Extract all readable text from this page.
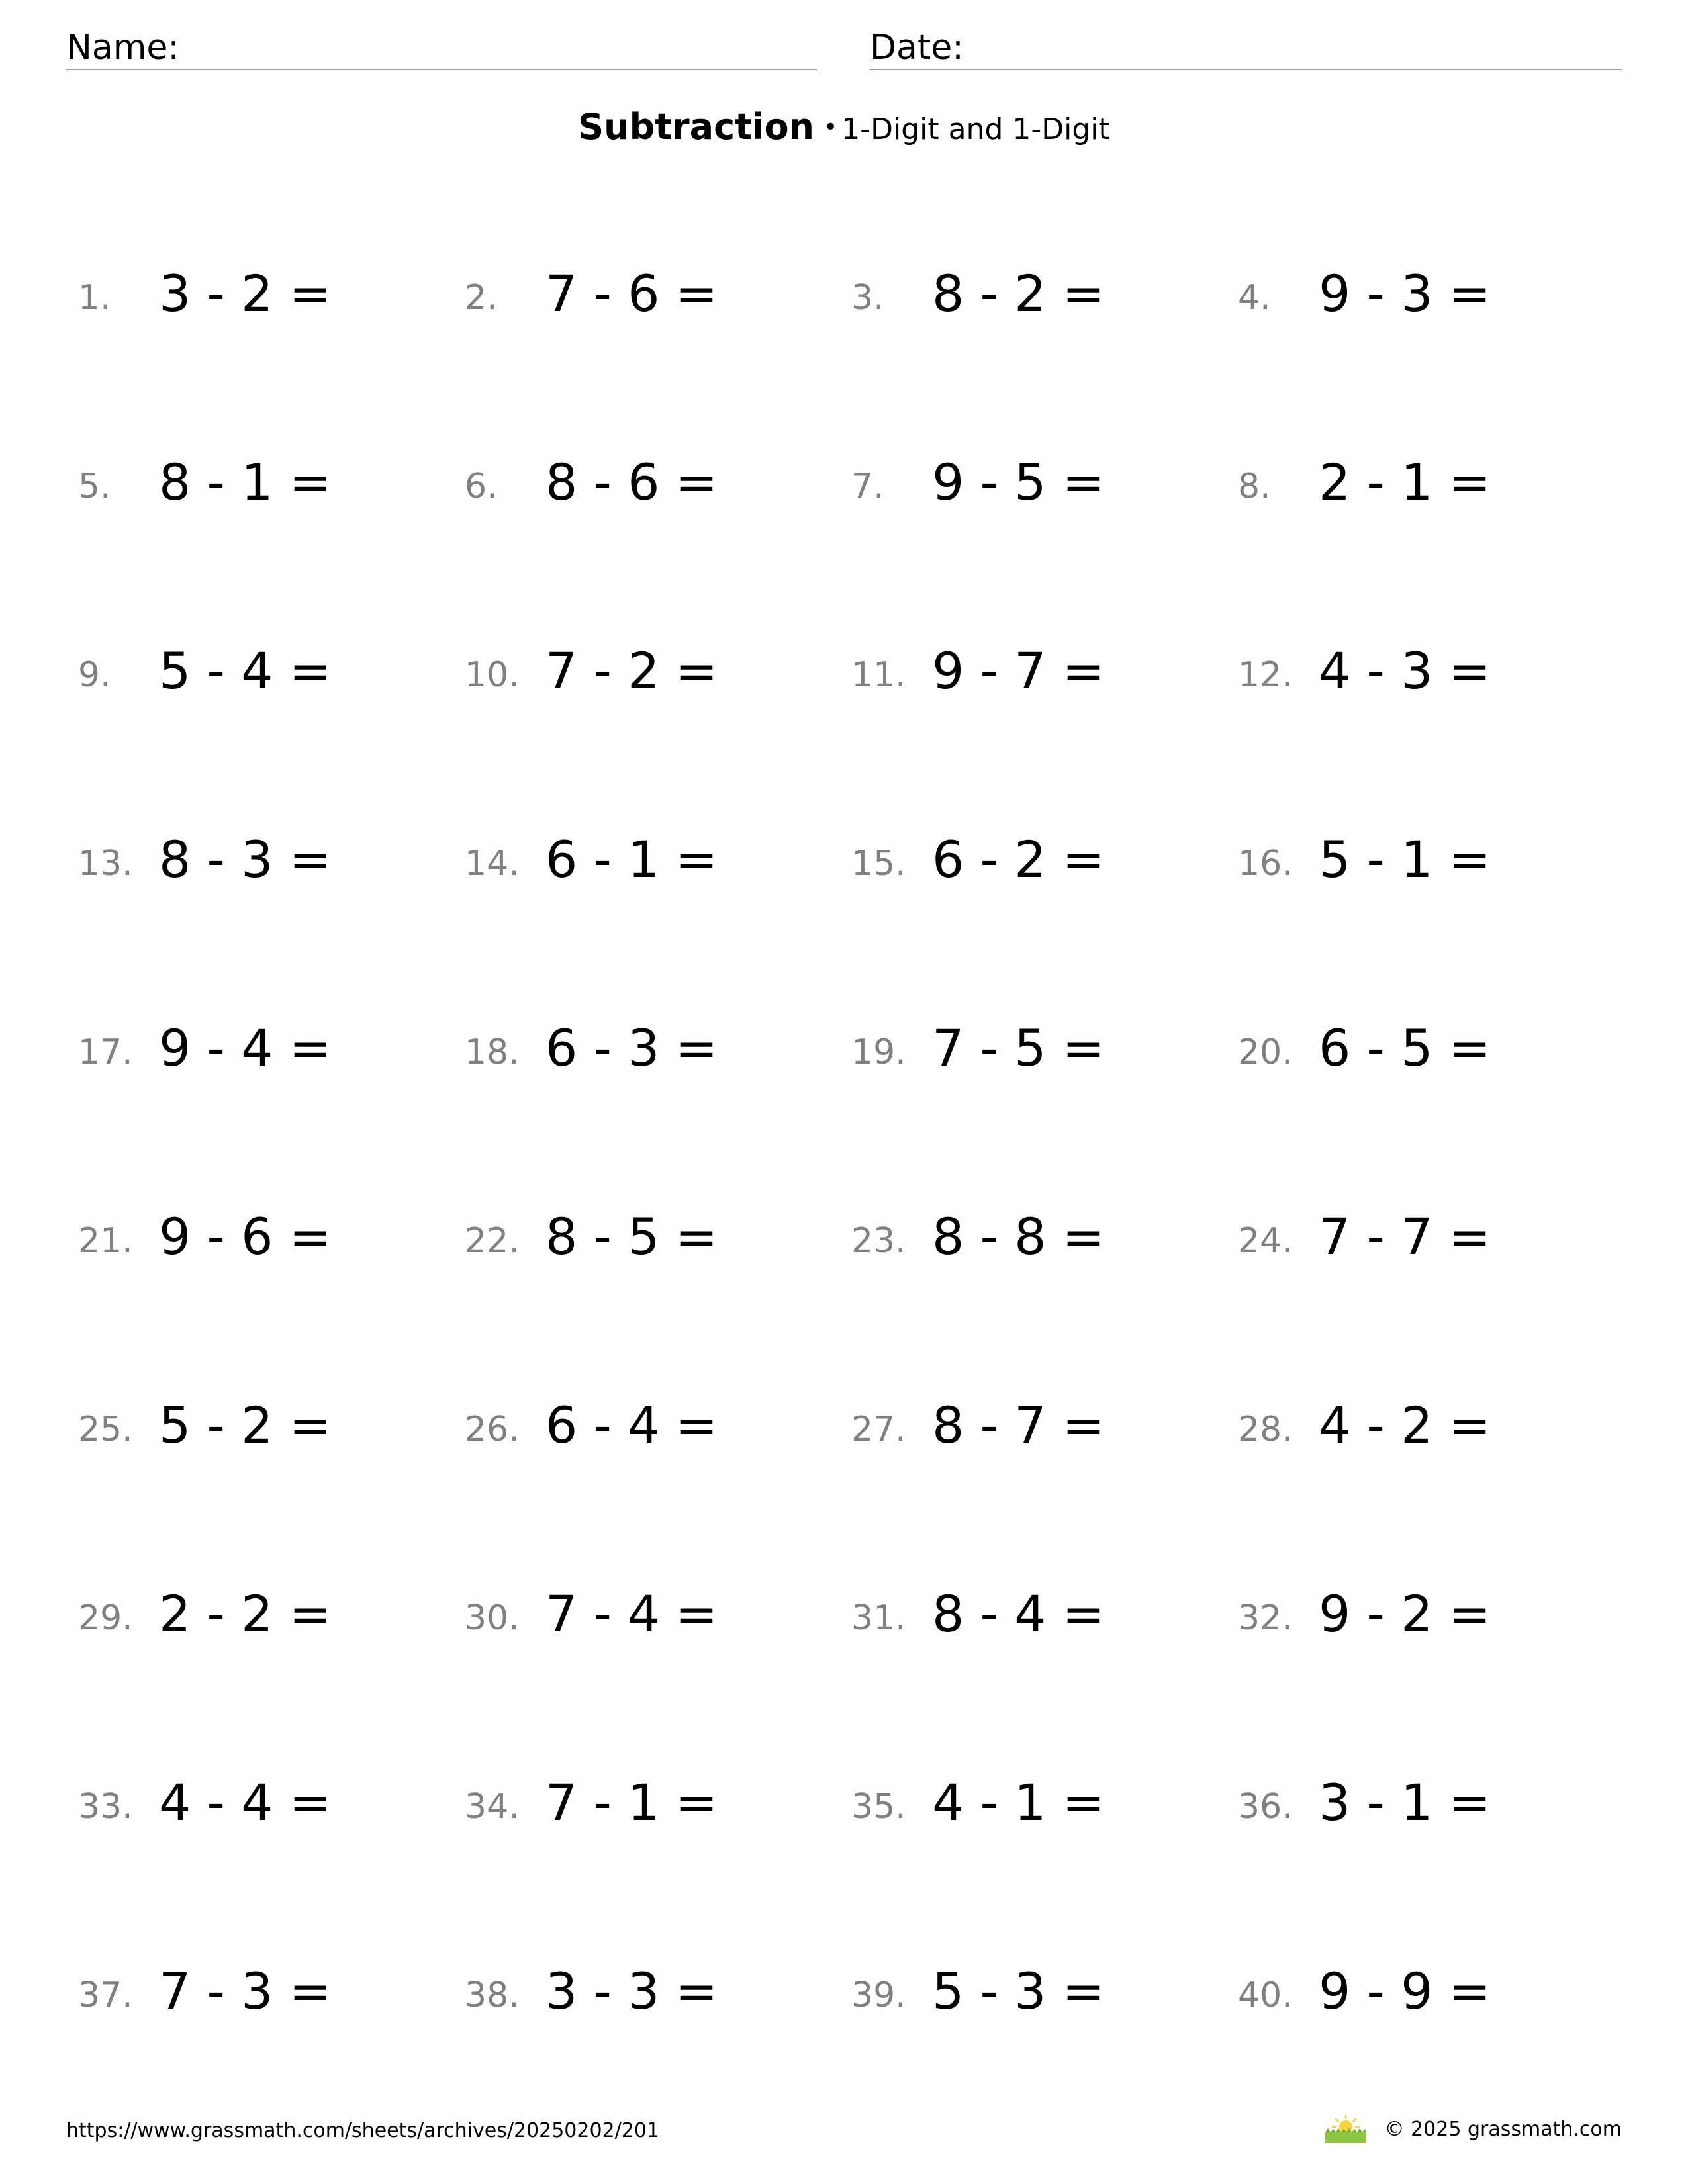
Name:	Date:
Subtraction • 1-Digit and 1-Digit
1. 3 - 2 =	2. 7 - 6 =	3. 8 - 2 =	4. 9 - 3 =
5. 8 - 1 =	6. 8 - 6 =	7. 9 - 5 =	8. 2 - 1 =
9. 5 - 4 =	10. 7 - 2 =	11. 9 - 7 =	12. 4 - 3 =
13. 8 - 3 =	14. 6 - 1 =	15. 6 - 2 =	16. 5 - 1 =
17. 9 - 4 =	18. 6 - 3 =	19. 7 - 5 =	20. 6 - 5 =
21. 9 - 6 =	22. 8 - 5 =	23. 8 - 8 =	24. 7 - 7 =
25. 5 - 2 =	26. 6 - 4 =	27. 8 - 7 =	28. 4 - 2 =
29. 2 - 2 =	30. 7 - 4 =	31. 8 - 4 =	32. 9 - 2 =
33. 4 - 4 =	34. 7 - 1 =	35. 4 - 1 =	36. 3 - 1 =
37. 7 - 3 =	38. 3 - 3 =	39. 5 - 3 =	40. 9 - 9 =
https://www.grassmath.com/sheets/archives/20250202/201	© 2025 grassmath.com
